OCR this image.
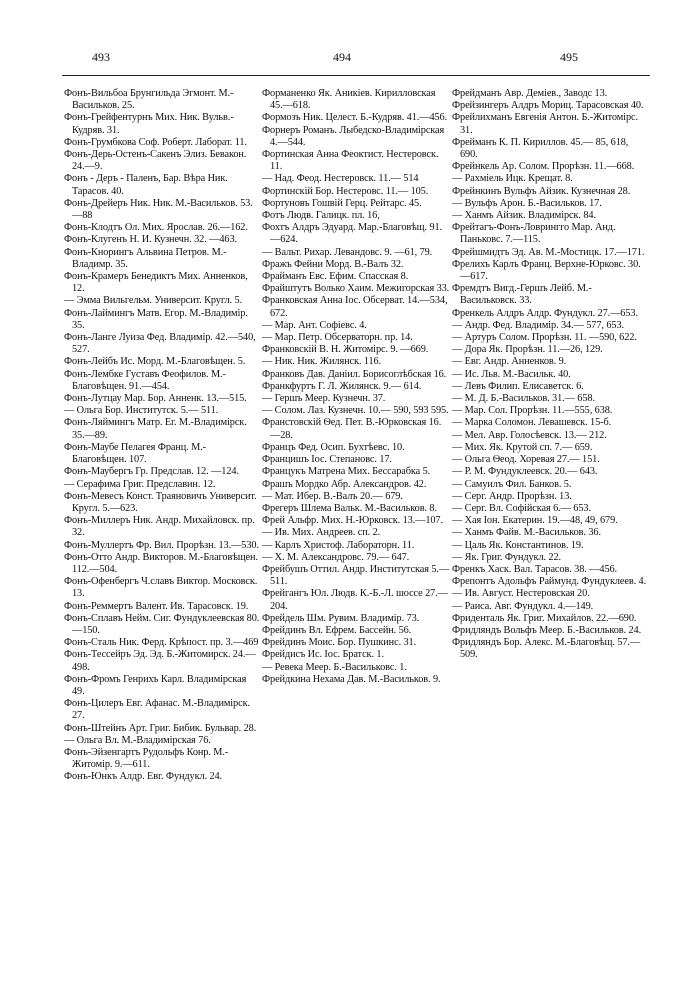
493	494	495
Фонъ-Вильбоа Брунгильда Эгмонт. М.-Васильков. 25.
Фонъ-Грейфентурнъ Мих. Ник. Вульв.-Кудряв. 31.
Фонъ-Грумбкова Соф. Роберт. Лаборат. 11.
Фонъ-Дерь-Остенъ-Сакенъ Элиз. Бевакон. 24.—9.
Фонъ - Деръ - Паленъ, Бар. Вѣра Ник. Тарасов. 40.
Фонъ-Дрейеръ Ник. Ник. М.-Васильков. 53.—88
Фонъ-Клодтъ Ол. Мих. Ярослав. 26.—162.
Фонъ-Клугенъ Н. И. Кузнечн. 32. —463.
Фонъ-Кнорингъ Альвина Петров. М.-Владимр. 35.
Фонъ-Крамеръ Бенедиктъ Мих. Анненков, 12.
— Эмма Вильгельм. Университ. Кругл. 5.
Фонъ-Лаймингъ Матв. Егор. М.-Владимір. 35.
Фонъ-Ланге Луиза Фед. Владимір. 42.—540, 527.
Фонъ-Лейбъ Ис. Морд. М.-Благовѣщен. 5.
Фонъ-Лембке Густавъ Феофилов. М.-Благовѣщен. 91.—454.
Фонъ-Лутцау Мар. Бор. Анненк. 13.—515.
— Ольга Бор. Институтск. 5.— 511.
Фонъ-Ляймингъ Матр. Ег. М.-Владимірск. 35.—89.
Фонъ-Маубе Пелагея Франц. М.-Благовѣщен. 107.
Фонъ-Маубергъ Гр. Предслав. 12. —124.
— Серафима Григ. Предславин. 12.
Фонъ-Мевесъ Конст. Траяновичъ Университ. Кругл. 5.—623.
Фонъ-Миллеръ Ник. Андр. Михайловск. пр. 32.
Фонъ-Муллертъ Фр. Вил. Прорѣзн. 13.—530.
Фонъ-Отто Андр. Викторов. М.-Благовѣщен. 112.—504.
Фонъ-Офенбергъ Ч.славъ Виктор. Московск. 13.
Фонъ-Реммертъ Валент. Ив. Тарасовск. 19.
Фонъ-Сплавъ Нейм. Сиг. Фундуклеевская 80.—150.
Фонъ-Сталь Ник. Ферд. Крѣпост. пр. 3.—469
Фонъ-Тессейръ Эд. Эд. Б.-Житомирск. 24.—498.
Фонъ-Фромъ Генрихъ Карл. Владимірская 49.
Фонъ-Цилеръ Евг. Афанас. М.-Владимірск. 27.
Фонъ-Штейнъ Арт. Григ. Бибик. Бульвар. 28.
— Ольга Вл. М.-Владимірская 76.
Фонъ-Эйзенгартъ Рудольфъ Конр. М.-Житомір. 9.—611.
Фонъ-Юнкъ Алдр. Евг. Фундукл. 24.
Форманенко Як. Аникіев. Кирилловская 45.—618.
Формозъ Ник. Целест. Б.-Кудряв. 41.—456.
Форнеръ Романъ. Лыбедско-Владимірская 4.—544.
Фортинская Анна Феоктист. Нестеровск. 11.
— Над. Феод. Нестеровск. 11.— 514
Фортинскій Бор. Нестеровс. 11.— 105.
Фортуновъ Гошвій Герц. Рейтарс. 45.
Фотъ Людв. Галицк. пл. 16,
Фохтъ Алдръ Эдуард. Мар.-Благовѣщ. 91.—624.
— Вальт. Рихар. Левандовс. 9. —61, 79.
Фражъ Фейни Морд. В.-Валъ 32.
Фрайманъ Евс. Ефим. Спасская 8.
Фрайштутъ Волько Хаим. Межигорская 33.
Франковская Анна Іос. Обсерват. 14.—534, 672.
— Мар. Ант. Софіевс. 4.
— Мар. Петр. Обсерваторн. пр. 14.
Франковскій В. Н. Житомірс. 9. —669.
— Ник. Ник. Жилянск. 116.
Франковъ Дав. Даніил. Борисоглѣбская 16.
Франкфуртъ Г. Л. Жилянск. 9.— 614.
— Гершъ Меер. Кузнечн. 37.
— Солом. Лаз. Кузнечн. 10.— 590, 593 595.
Франстовскій Ѳед. Пет. В.-Юрковская 16.—28.
Францъ Фед. Осип. Бухтѣевс. 10.
Францишъ Іос. Степановс. 17.
Францукъ Матрена Мих. Бессарабка 5.
Фрашъ Мордко Абр. Александров. 42.
— Мат. Ибер. В.-Валъ 20.— 679.
Фрегеръ Шлема Вальк. М.-Васильков. 8.
Фрей Альфр. Мих. Н.-Юрковск. 13.—107.
— Ив. Мих. Андреев. сп. 2.
— Карлъ Христоф. Лабораторн. 11.
— Х. М. Александровс. 79.— 647.
Фрейбушъ Оттил. Андр. Институтская 5.—511.
Фрейгангъ Юл. Людв. К.-Б.-Л. шоссе 27.—204.
Фрейдель Шм. Рувим. Владимір. 73.
Фрейдинъ Вл. Ефрем. Бассейн. 56.
Фрейдинъ Моис. Бор. Пушкинс. 31.
Фрейдисъ Ис. Іос. Братск. 1.
— Ревека Меер. Б.-Васильковс. 1.
Фрейдкина Нехама Дав. М.-Васильков. 9.
Фрейдманъ Авр. Деміев., Заводс 13.
Фрейзингеръ Алдръ Мориц. Тарасовская 40.
Фрейлихманъ Евгенія Антон. Б.-Житомірс. 31.
Фрейманъ К. П. Кириллов. 45.— 85, 618, 690.
Фрейнкель Ар. Солом. Прорѣзн. 11.—668.
— Рахміель Ицк. Крещат. 8.
Фрейнкинъ Вульфъ Айзик. Кузнечная 28.
— Вульфъ Арон. Б.-Васильков. 17.
— Ханмъ Айзик. Владимірск. 84.
Фрейтагъ-Фонъ-Ловрингго Мар. Анд. Паньковс. 7.—115.
Фрейшмидтъ Эд. Ав. М.-Мостицк. 17.—171.
Фрелихъ Карлъ Франц. Верхне-Юрковс. 30.—617.
Фремдтъ Вигд.-Гершъ Лейб. М.-Васильковск. 33.
Френкель Алдръ Алдр. Фундукл. 27.—653.
— Андр. Фед. Владимір. 34.— 577, 653.
— Артуръ Солом. Прорѣзн. 11. —590, 622.
— Дора Як. Прорѣзн. 11.—26, 129.
— Евг. Андр. Анненков. 9.
— Ис. Льв. М.-Васильк. 40.
— Левъ Филип. Елисаветск. 6.
— М. Д. Б.-Васильков. 31.— 658.
— Мар. Сол. Прорѣзн. 11.—555, 638.
— Марка Соломон. Левашевск. 15-б.
— Мел. Авр. Голосѣевск. 13.— 212.
— Мих. Як. Крутой сп. 7.— 659.
— Ольга Ѳеод. Хоревая 27.— 151.
— Р. М. Фундуклеевск. 20.— 643.
— Самуилъ Фил. Банков. 5.
— Серг. Андр. Прорѣзн. 13.
— Серг. Вл. Софійская 6.— 653.
— Хая Іон. Екатерин. 19.—48, 49, 679.
— Ханмъ Файв. М.-Васильков. 36.
— Цаль Як. Константинов. 19.
— Як. Григ. Фундукл. 22.
Френкъ Хаск. Вал. Тарасов. 38. —456.
Фрепонтъ Адольфъ Раймунд. Фундуклеев. 4.
— Ив. Август. Нестеровская 20.
— Раиса. Авг. Фундукл. 4.—149.
Фриденталь Як. Григ. Михайлов. 22.—690.
Фридляндъ Вольфъ Меер. Б.-Васильков. 24.
Фридляндъ Бор. Алекс. М.-Благовѣщ. 57.—509.
